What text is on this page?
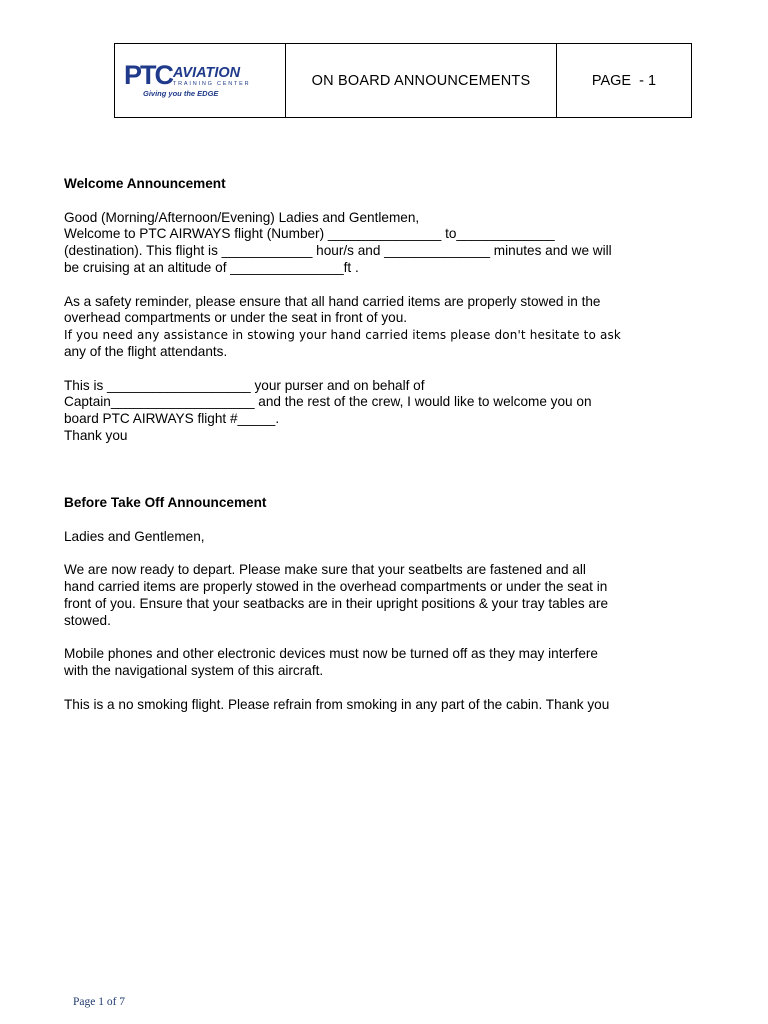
PTC AVIATION
TRAINING CENTER
Giving you the EDGE
ON BOARD ANNOUNCEMENTS	PAGE  - 1
Welcome Announcement

Good (Morning/Afternoon/Evening) Ladies and Gentlemen,
Welcome to PTC AIRWAYS flight (Number) _______________ to_____________
(destination). This flight is ____________ hour/s and ______________ minutes and we will
be cruising at an altitude of _______________ft .

As a safety reminder, please ensure that all hand carried items are properly stowed in the
overhead compartments or under the seat in front of you.

If you need any assistance in stowing your hand carried items please don't hesitate to ask
any of the flight attendants.

This is ___________________ your purser and on behalf of
Captain___________________ and the rest of the crew, I would like to welcome you on
board PTC AIRWAYS flight #_____.
Thank you

Before Take Off Announcement

Ladies and Gentlemen,

We are now ready to depart. Please make sure that your seatbelts are fastened and all
hand carried items are properly stowed in the overhead compartments or under the seat in
front of you. Ensure that your seatbacks are in their upright positions & your tray tables are
stowed.

Mobile phones and other electronic devices must now be turned off as they may interfere
with the navigational system of this aircraft.

This is a no smoking flight. Please refrain from smoking in any part of the cabin. Thank you

Page 1 of 7
